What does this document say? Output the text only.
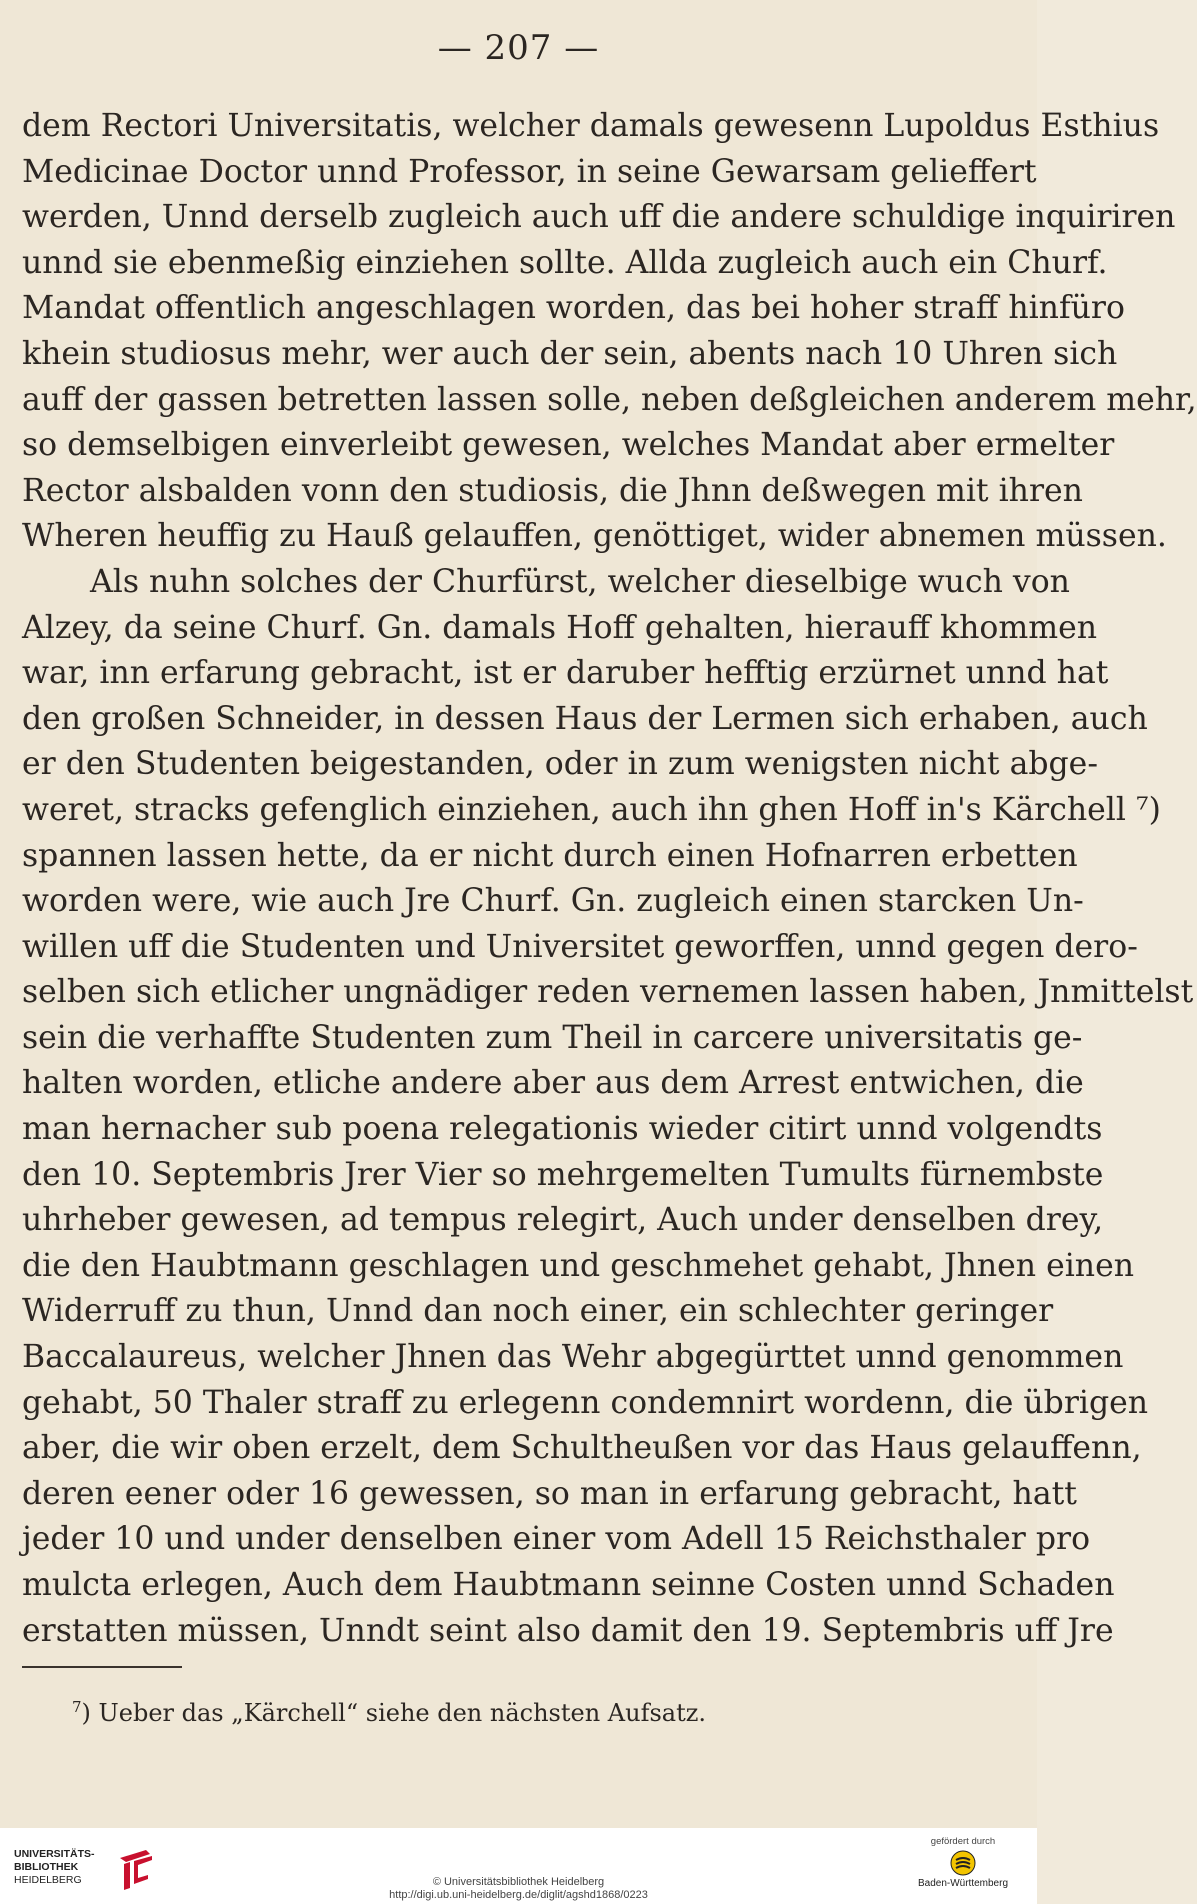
— 207 —
dem Rectori Universitatis, welcher damals gewesenn Lupoldus Esthius
Medicinae Doctor unnd Professor, in seine Gewarsam gelieffert
werden, Unnd derselb zugleich auch uff die andere schuldige inquiriren
unnd sie ebenmeßig einziehen sollte. Allda zugleich auch ein Churf.
Mandat offentlich angeschlagen worden, das bei hoher straff hinfüro
khein studiosus mehr, wer auch der sein, abents nach 10 Uhren sich
auff der gassen betretten lassen solle, neben deßgleichen anderem mehr,
so demselbigen einverleibt gewesen, welches Mandat aber ermelter
Rector alsbalden vonn den studiosis, die Jhnn deßwegen mit ihren
Wheren heuffig zu Hauß gelauffen, genöttiget, wider abnemen müssen.
Als nuhn solches der Churfürst, welcher dieselbige wuch von
Alzey, da seine Churf. Gn. damals Hoff gehalten, hierauff khommen
war, inn erfarung gebracht, ist er daruber hefftig erzürnet unnd hat
den großen Schneider, in dessen Haus der Lermen sich erhaben, auch
er den Studenten beigestanden, oder in zum wenigsten nicht abge-
weret, stracks gefenglich einziehen, auch ihn ghen Hoff in's Kärchell ⁷)
spannen lassen hette, da er nicht durch einen Hofnarren erbetten
worden were, wie auch Jre Churf. Gn. zugleich einen starcken Un-
willen uff die Studenten und Universitet geworffen, unnd gegen dero-
selben sich etlicher ungnädiger reden vernemen lassen haben, Jnmittelst
sein die verhaffte Studenten zum Theil in carcere universitatis ge-
halten worden, etliche andere aber aus dem Arrest entwichen, die
man hernacher sub poena relegationis wieder citirt unnd volgendts
den 10. Septembris Jrer Vier so mehrgemelten Tumults fürnembste
uhrheber gewesen, ad tempus relegirt, Auch under denselben drey,
die den Haubtmann geschlagen und geschmehet gehabt, Jhnen einen
Widerruff zu thun, Unnd dan noch einer, ein schlechter geringer
Baccalaureus, welcher Jhnen das Wehr abgegürttet unnd genommen
gehabt, 50 Thaler straff zu erlegenn condemnirt wordenn, die übrigen
aber, die wir oben erzelt, dem Schultheußen vor das Haus gelauffenn,
deren eener oder 16 gewessen, so man in erfarung gebracht, hatt
jeder 10 und under denselben einer vom Adell 15 Reichsthaler pro
mulcta erlegen, Auch dem Haubtmann seinne Costen unnd Schaden
erstatten müssen, Unndt seint also damit den 19. Septembris uff Jre
$^7$) Ueber das „Kärchell“ siehe den nächsten Aufsatz.
UNIVERSITÄTS-
BIBLIOTHEK
HEIDELBERG	© Universitätsbibliothek Heidelberg
http://digi.ub.uni-heidelberg.de/diglit/agshd1868/0223
gefördert durch
Baden-Württemberg
